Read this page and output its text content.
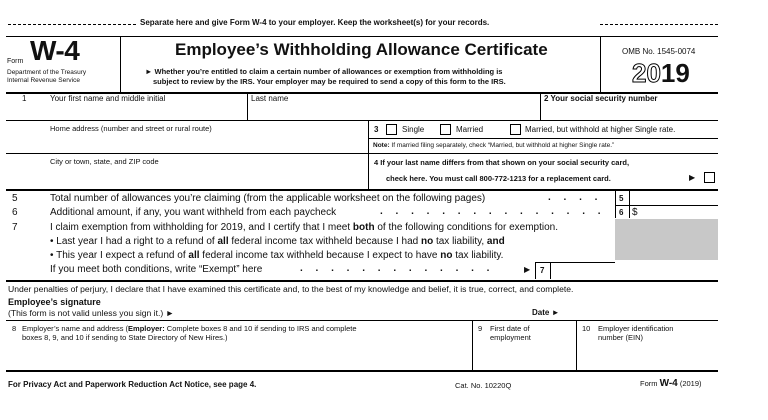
Separate here and give Form W-4 to your employer. Keep the worksheet(s) for your records.
Form W-4
Department of the Treasury
Internal Revenue Service
Employee’s Withholding Allowance Certificate
► Whether you’re entitled to claim a certain number of allowances or exemption from withholding is
subject to review by the IRS. Your employer may be required to send a copy of this form to the IRS.
OMB No. 1545-0074
2019
1	Your first name and middle initial	Last name	2 Your social security number
Home address (number and street or rural route)	3	Single	Married	Married, but withhold at higher Single rate.
Note: If married filing separately, check “Married, but withhold at higher Single rate.”
City or town, state, and ZIP code	4 If your last name differs from that shown on your social security card,
check here. You must call 800-772-1213 for a replacement card.	▶
5	Total number of allowances you’re claiming (from the applicable worksheet on the following pages)	. . . . 5
6	Additional amount, if any, you want withheld from each paycheck	. . . . . . . . . . . . . . . 6 $
7	I claim exemption from withholding for 2019, and I certify that I meet both of the following conditions for exemption.
• Last year I had a right to a refund of all federal income tax withheld because I had no tax liability, and
• This year I expect a refund of all federal income tax withheld because I expect to have no tax liability.
If you meet both conditions, write “Exempt” here	. . . . . . . . . . . . .	▶ 7
Under penalties of perjury, I declare that I have examined this certificate and, to the best of my knowledge and belief, it is true, correct, and complete.
Employee’s signature
(This form is not valid unless you sign it.) ►	Date ►
8 Employer’s name and address (Employer: Complete boxes 8 and 10 if sending to IRS and complete
boxes 8, 9, and 10 if sending to State Directory of New Hires.)
9 First date of
employment
10 Employer identification
number (EIN)
For Privacy Act and Paperwork Reduction Act Notice, see page 4.	Cat. No. 10220Q	Form W-4 (2019)
